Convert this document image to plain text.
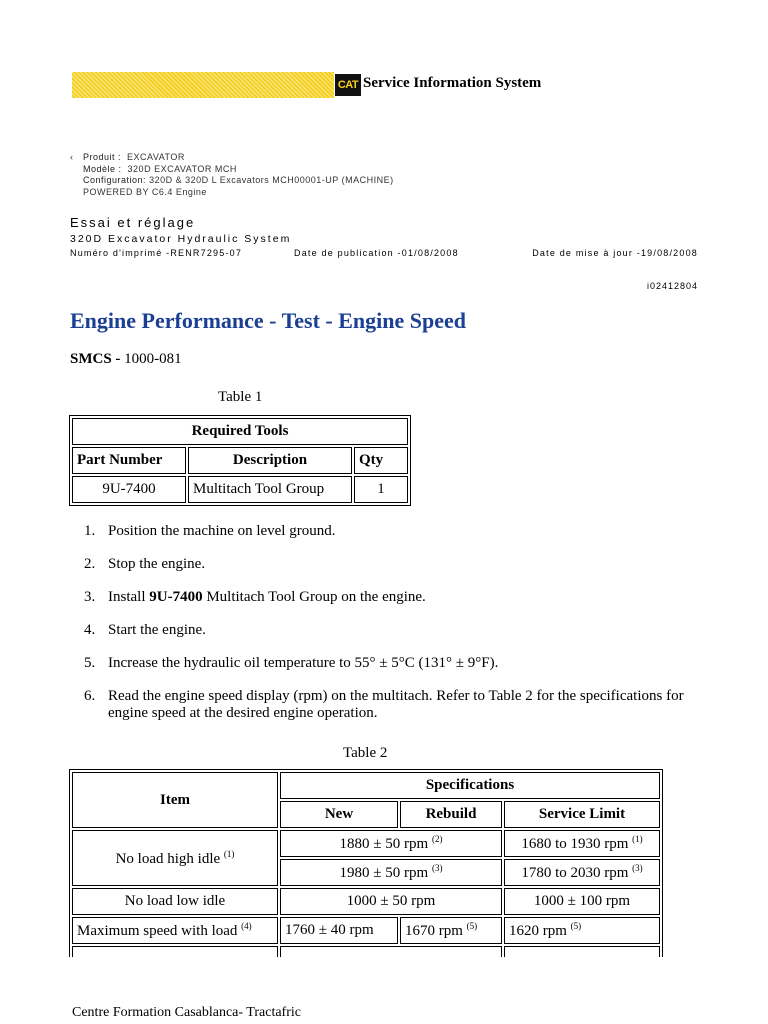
CAT Service Information System
‹ Produit : EXCAVATOR
Modèle : 320D EXCAVATOR MCH
Configuration: 320D & 320D L Excavators MCH00001-UP (MACHINE)
POWERED BY C6.4 Engine
Essai et réglage
320D Excavator Hydraulic System
Numéro d'imprimé -RENR7295-07	Date de publication -01/08/2008	Date de mise à jour -19/08/2008
i02412804
Engine Performance - Test - Engine Speed
SMCS - 1000-081
Table 1
Required Tools		
Part Number	Description	Qty
9U-7400	Multitach Tool Group	1
1. Position the machine on level ground.
2. Stop the engine.
3. Install 9U-7400 Multitach Tool Group on the engine.
4. Start the engine.
5. Increase the hydraulic oil temperature to 55° ± 5°C (131° ± 9°F).
6. Read the engine speed display (rpm) on the multitach. Refer to Table 2 for the specifications for engine speed at the desired engine operation.
Table 2
Item	Specifications		
	New	Rebuild	Service Limit
No load high idle $^{(1)}$	1880 ± 50 rpm $^{(2)}$		1680 to 1930 rpm $^{(1)}$
	1980 ± 50 rpm $^{(3)}$		1780 to 2030 rpm $^{(3)}$
No load low idle	1000 ± 50 rpm		1000 ± 100 rpm
Maximum speed with load $^{(4)}$	1760 ± 40 rpm	1670 rpm $^{(5)}$	1620 rpm $^{(5)}$

Centre Formation Casablanca- Tractafric
